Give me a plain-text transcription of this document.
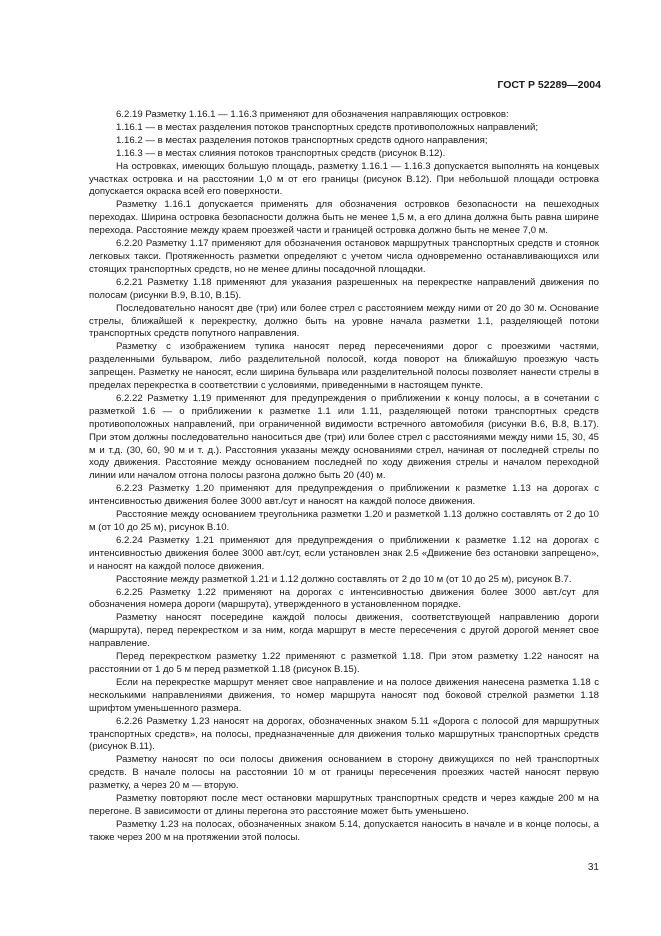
ГОСТ Р 52289—2004

6.2.19 Разметку 1.16.1 — 1.16.3 применяют для обозначения направляющих островков:

1.16.1 — в местах разделения потоков транспортных средств противоположных направлений;

1.16.2 — в местах разделения потоков транспортных средств одного направления;

1.16.3 — в местах слияния потоков транспортных средств (рисунок В.12).

На островках, имеющих большую площадь, разметку 1.16.1 — 1.16.3 допускается выполнять на концевых участках островка и на расстоянии 1,0 м от его границы (рисунок В.12). При небольшой площади островка допускается окраска всей его поверхности.

Разметку 1.16.1 допускается применять для обозначения островков безопасности на пешеходных переходах. Ширина островка безопасности должна быть не менее 1,5 м, а его длина должна быть равна ширине перехода. Расстояние между краем проезжей части и границей островка должно быть не менее 7,0 м.

6.2.20 Разметку 1.17 применяют для обозначения остановок маршрутных транспортных средств и стоянок легковых такси. Протяженность разметки определяют с учетом числа одновременно останавливающихся или стоящих транспортных средств, но не менее длины посадочной площадки.

6.2.21 Разметку 1.18 применяют для указания разрешенных на перекрестке направлений движения по полосам (рисунки В.9, В.10, В.15).

Последовательно наносят две (три) или более стрел с расстоянием между ними от 20 до 30 м. Основание стрелы, ближайшей к перекрестку, должно быть на уровне начала разметки 1.1, разделяющей потоки транспортных средств попутного направления.

Разметку с изображением тупика наносят перед пересечениями дорог с проезжими частями, разделенными бульваром, либо разделительной полосой, когда поворот на ближайшую проезжую часть запрещен. Разметку не наносят, если ширина бульвара или разделительной полосы позволяет нанести стрелы в пределах перекрестка в соответствии с условиями, приведенными в настоящем пункте.

6.2.22 Разметку 1.19 применяют для предупреждения о приближении к концу полосы, а в сочетании с разметкой 1.6 — о приближении к разметке 1.1 или 1.11, разделяющей потоки транспортных средств противоположных направлений, при ограниченной видимости встречного автомобиля (рисунки В.6, В.8, В.17). При этом должны последовательно наноситься две (три) или более стрел с расстояниями между ними 15, 30, 45 м и т.д. (30, 60, 90 м и т. д.). Расстояния указаны между основаниями стрел, начиная от последней стрелы по ходу движения. Расстояние между основанием последней по ходу движения стрелы и началом переходной линии или началом отгона полосы разгона должно быть 20 (40) м.

6.2.23 Разметку 1.20 применяют для предупреждения о приближении к разметке 1.13 на дорогах с интенсивностью движения более 3000 авт./сут и наносят на каждой полосе движения.

Расстояние между основанием треугольника разметки 1.20 и разметкой 1.13 должно составлять от 2 до 10 м (от 10 до 25 м), рисунок В.10.

6.2.24 Разметку 1.21 применяют для предупреждения о приближении к разметке 1.12 на дорогах с интенсивностью движения более 3000 авт./сут, если установлен знак 2.5 «Движение без остановки запрещено», и наносят на каждой полосе движения.

Расстояние между разметкой 1.21 и 1.12 должно составлять от 2 до 10 м (от 10 до 25 м), рисунок В.7.

6.2.25 Разметку 1.22 применяют на дорогах с интенсивностью движения более 3000 авт./сут для обозначения номера дороги (маршрута), утвержденного в установленном порядке.

Разметку наносят посередине каждой полосы движения, соответствующей направлению дороги (маршрута), перед перекрестком и за ним, когда маршрут в месте пересечения с другой дорогой меняет свое направление.

Перед перекрестком разметку 1.22 применяют с разметкой 1.18. При этом разметку 1.22 наносят на расстоянии от 1 до 5 м перед разметкой 1.18 (рисунок В.15).

Если на перекрестке маршрут меняет свое направление и на полосе движения нанесена разметка 1.18 с несколькими направлениями движения, то номер маршрута наносят под боковой стрелкой разметки 1.18 шрифтом уменьшенного размера.

6.2.26 Разметку 1.23 наносят на дорогах, обозначенных знаком 5.11 «Дорога с полосой для маршрутных транспортных средств», на полосы, предназначенные для движения только маршрутных транспортных средств (рисунок В.11).

Разметку наносят по оси полосы движения основанием в сторону движущихся по ней транспортных средств. В начале полосы на расстоянии 10 м от границы пересечения проезжих частей наносят первую разметку, а через 20 м — вторую.

Разметку повторяют после мест остановки маршрутных транспортных средств и через каждые 200 м на перегоне. В зависимости от длины перегона это расстояние может быть уменьшено.

Разметку 1.23 на полосах, обозначенных знаком 5.14, допускается наносить в начале и в конце полосы, а также через 200 м на протяжении этой полосы.

31
